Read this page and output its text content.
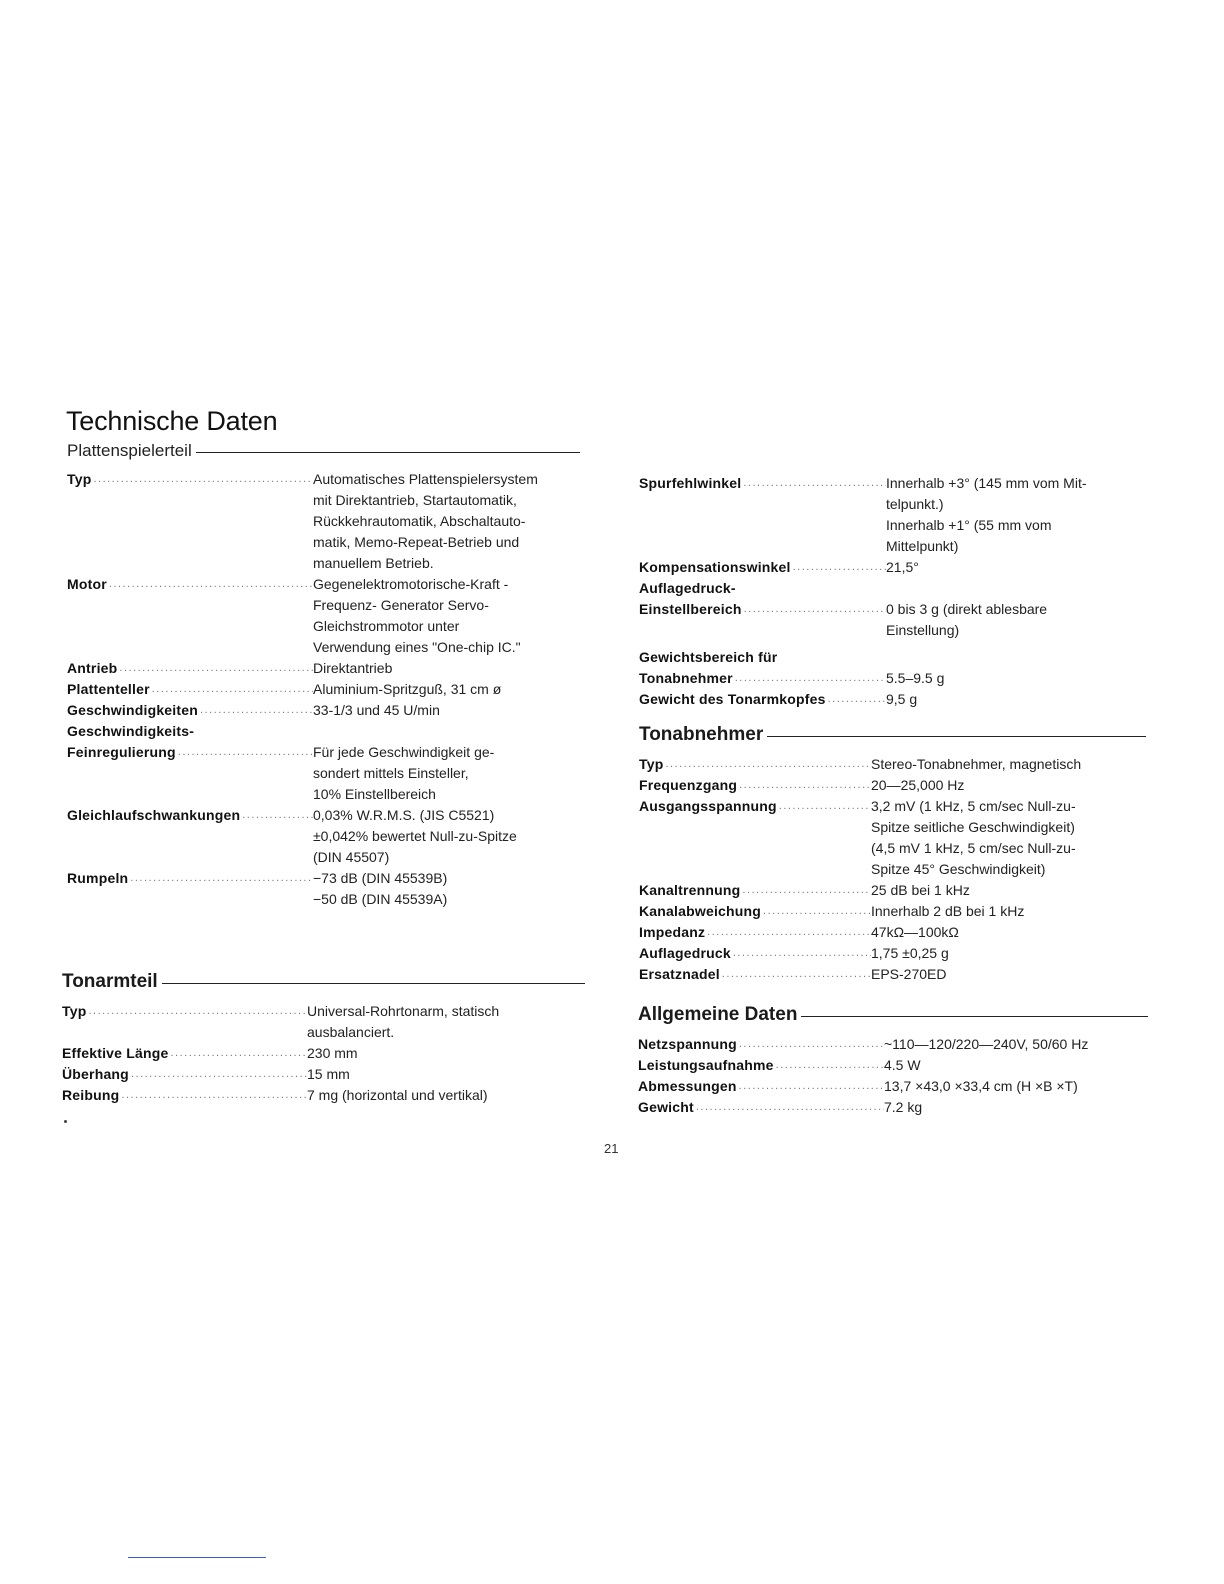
Technische Daten
Plattenspielerteil
Typ .....	Automatisches Plattenspielersystem
mit Direktantrieb, Startautomatik,
Rückkehrautomatik, Abschaltauto-
matik, Memo-Repeat-Betrieb und
manuellem Betrieb.
Motor .....	Gegenelektromotorische-Kraft -
Frequenz- Generator Servo-
Gleichstrommotor unter
Verwendung eines "One-chip IC."
Antrieb .....	Direktantrieb
Plattenteller .....	Aluminium-Spritzguß, 31 cm ø
Geschwindigkeiten .....	33-1/3 und 45 U/min
Geschwindigkeits-
Feinregulierung .....	Für jede Geschwindigkeit ge-
sondert mittels Einsteller,
10% Einstellbereich
Gleichlaufschwankungen .....	0,03% W.R.M.S. (JIS C5521)
±0,042% bewertet Null-zu-Spitze
(DIN 45507)
Rumpeln .....	−73 dB (DIN 45539B)
−50 dB (DIN 45539A)
Tonarmteil
Typ .....	Universal-Rohrtonarm, statisch
ausbalanciert.
Effektive Länge .....	230 mm
Überhang .....	15 mm
Reibung .....	7 mg (horizontal und vertikal)
Spurfehlwinkel .....	Innerhalb +3° (145 mm vom Mit-
telpunkt.)
Innerhalb +1° (55 mm vom
Mittelpunkt)
Kompensationswinkel .....	21,5°
Auflagedruck-
Einstellbereich .....	0 bis 3 g (direkt ablesbare
Einstellung)
Gewichtsbereich für
Tonabnehmer .....	5.5–9.5 g
Gewicht des Tonarmkopfes .....	9,5 g
Tonabnehmer
Typ .....	Stereo-Tonabnehmer, magnetisch
Frequenzgang .....	20—25,000 Hz
Ausgangsspannung .....	3,2 mV (1 kHz, 5 cm/sec Null-zu-
Spitze seitliche Geschwindigkeit)
(4,5 mV 1 kHz, 5 cm/sec Null-zu-
Spitze 45° Geschwindigkeit)
Kanaltrennung .....	25 dB bei 1 kHz
Kanalabweichung .....	Innerhalb 2 dB bei 1 kHz
Impedanz .....	47kΩ—100kΩ
Auflagedruck .....	1,75 ±0,25 g
Ersatznadel .....	EPS-270ED
Allgemeine Daten
Netzspannung .....	~110—120/220—240V, 50/60 Hz
Leistungsaufnahme .....	4.5 W
Abmessungen .....	13,7 ×43,0 ×33,4 cm (H ×B ×T)
Gewicht .....	7.2 kg
21
